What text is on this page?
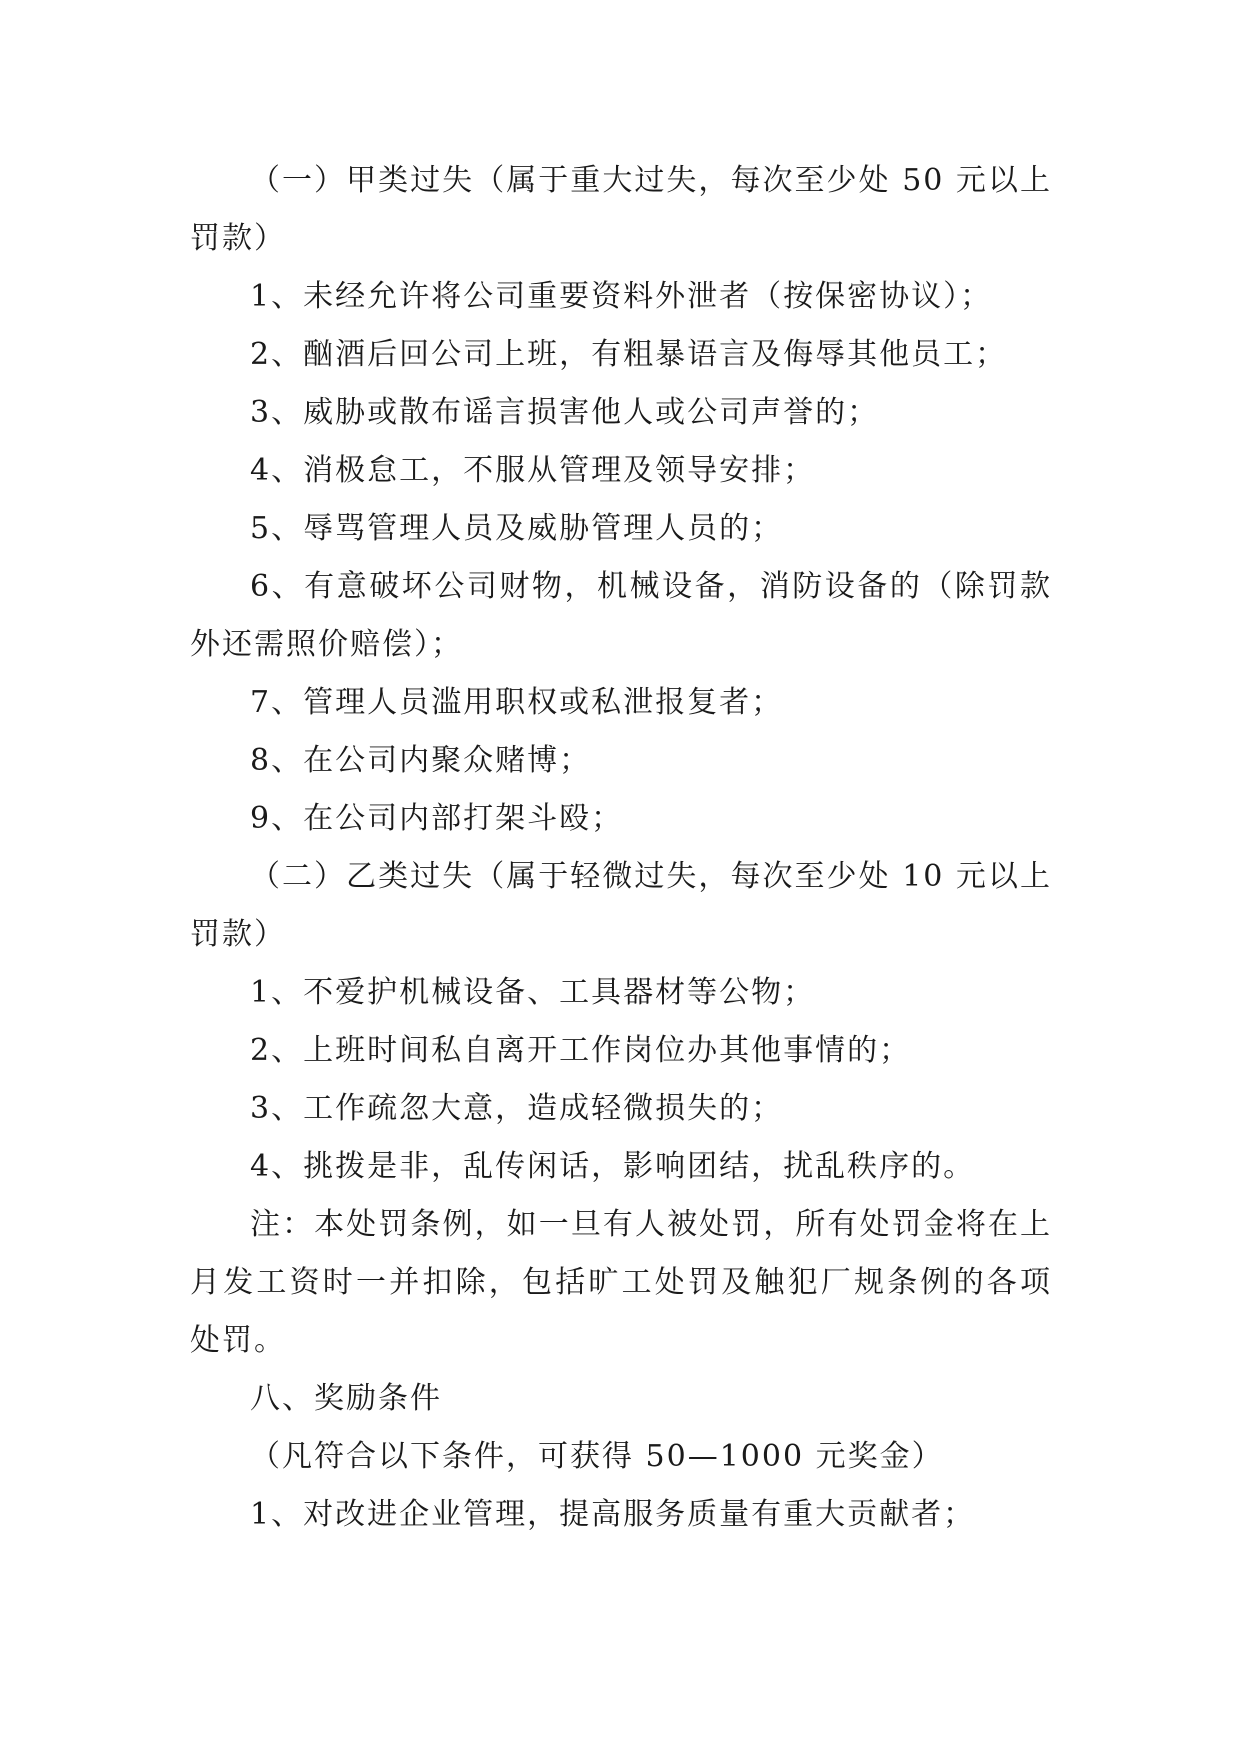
（一）甲类过失（属于重大过失，每次至少处 50 元以上罚款）

1、未经允许将公司重要资料外泄者（按保密协议）；

2、酗酒后回公司上班，有粗暴语言及侮辱其他员工；

3、威胁或散布谣言损害他人或公司声誉的；

4、消极怠工，不服从管理及领导安排；

5、辱骂管理人员及威胁管理人员的；

6、有意破坏公司财物，机械设备，消防设备的（除罚款外还需照价赔偿）；

7、管理人员滥用职权或私泄报复者；

8、在公司内聚众赌博；

9、在公司内部打架斗殴；

（二）乙类过失（属于轻微过失，每次至少处 10 元以上罚款）

1、不爱护机械设备、工具器材等公物；

2、上班时间私自离开工作岗位办其他事情的；

3、工作疏忽大意，造成轻微损失的；

4、挑拨是非，乱传闲话，影响团结，扰乱秩序的。

注：本处罚条例，如一旦有人被处罚，所有处罚金将在上月发工资时一并扣除，包括旷工处罚及触犯厂规条例的各项处罚。

八、奖励条件

（凡符合以下条件，可获得 50—1000 元奖金）

1、对改进企业管理，提高服务质量有重大贡献者；
